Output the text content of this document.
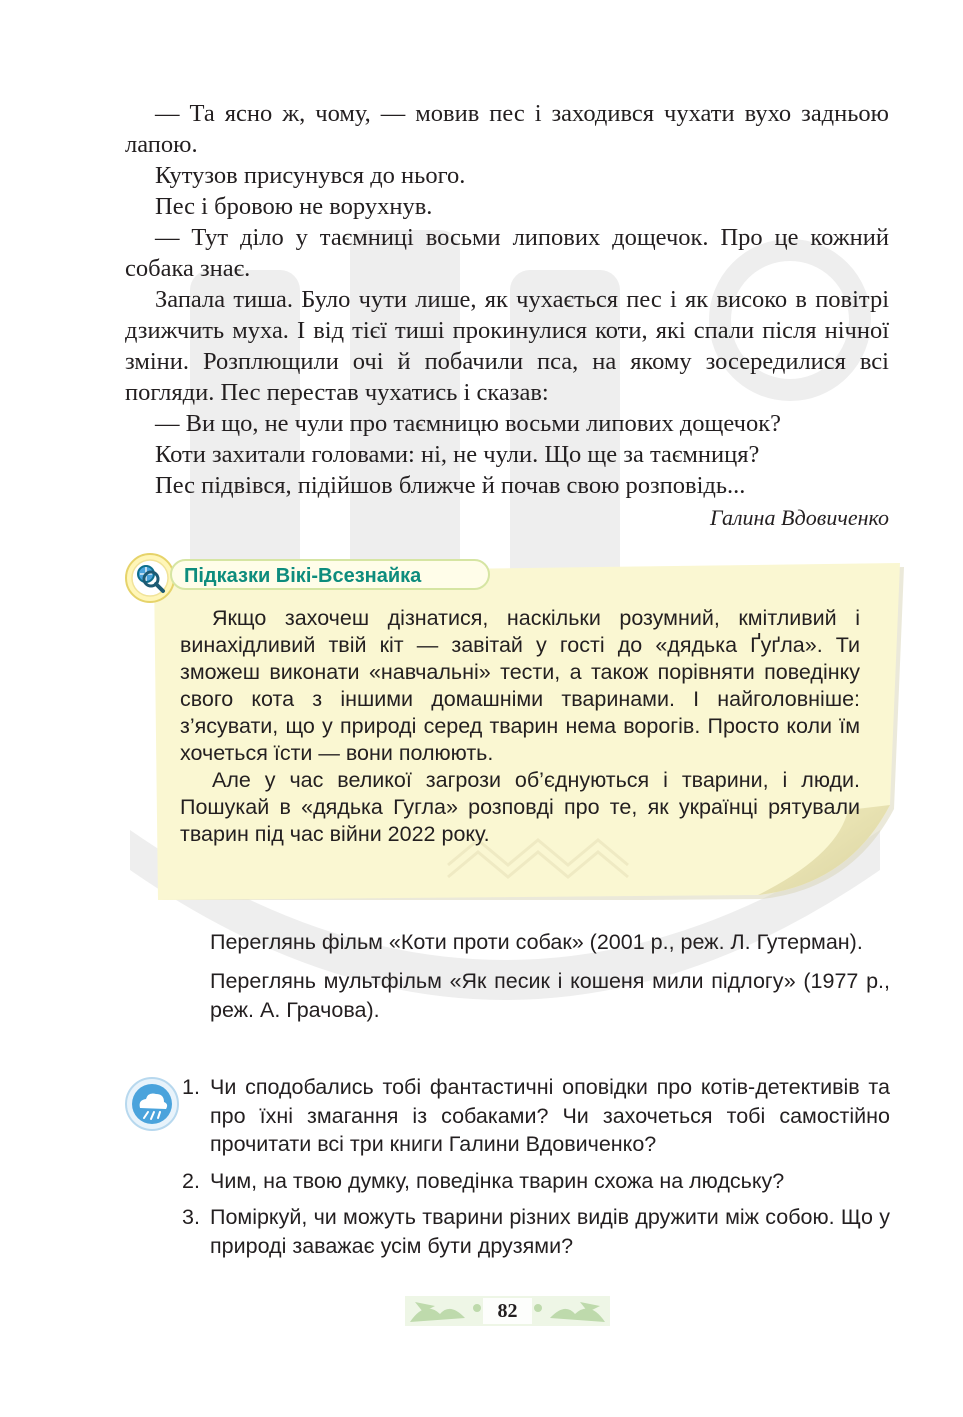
— Та ясно ж, чому, — мовив пес і заходився чухати вухо задньою лапою.

Кутузов присунувся до нього.

Пес і бровою не ворухнув.

— Тут діло у таємниці восьми липових дощечок. Про це кожний собака знає.

Запала тиша. Було чути лише, як чухається пес і як високо в повітрі дзижчить муха. І від тієї тиші прокинулися коти, які спали після нічної зміни. Розплющили очі й побачили пса, на якому зосередилися всі погляди. Пес перестав чухатись і сказав:

— Ви що, не чули про таємницю восьми липових дощечок?

Коти захитали головами: ні, не чули. Що ще за таємниця?

Пес підвівся, підійшов ближче й почав свою розповідь...

Галина Вдовиченко

Підказки Вікі-Всезнайка

Якщо захочеш дізнатися, наскільки розумний, кмітливий і винахідливий твій кіт — завітай у гості до «дядька Ґуґла». Ти зможеш виконати «навчальні» тести, а також порівняти поведінку свого кота з іншими домашніми тваринами. І найголовніше: з’ясувати, що у природі серед тварин нема ворогів. Просто коли їм хочеться їсти — вони полюють.

Але у час великої загрози об’єднуються і тварини, і люди. Пошукай в «дядька Гугла» розповді про те, як українці рятували тварин під час війни 2022 року.

Переглянь фільм «Коти проти собак» (2001 р., реж. Л. Гутерман).

Переглянь мультфільм «Як песик і кошеня мили підлогу» (1977 р., реж. А. Грачова).

1. Чи сподобались тобі фантастичні оповідки про котів-детективів та про їхні змагання із собаками? Чи захочеться тобі самостійно прочитати всі три книги Галини Вдовиченко?
2. Чим, на твою думку, поведінка тварин схожа на людську?
3. Поміркуй, чи можуть тварини різних видів дружити між собою. Що у природі заважає усім бути друзями?
82
